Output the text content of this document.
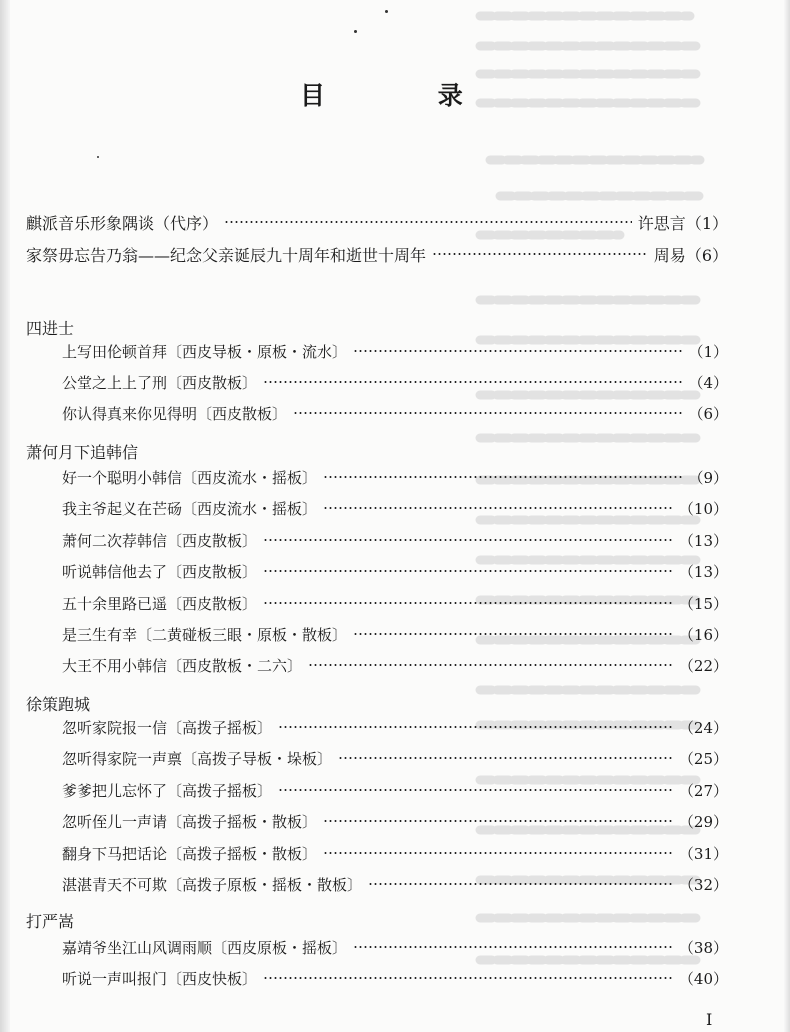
目 录
麒派音乐形象隅谈（代序）	许思言 （1）
家祭毋忘告乃翁——纪念父亲诞辰九十周年和逝世十周年	周易 （6）
四进士
上写田伦顿首拜〔西皮导板・原板・流水〕	（1）
公堂之上上了刑〔西皮散板〕	（4）
你认得真来你见得明〔西皮散板〕	（6）
萧何月下追韩信
好一个聪明小韩信〔西皮流水・摇板〕	（9）
我主爷起义在芒砀〔西皮流水・摇板〕	（10）
萧何二次荐韩信〔西皮散板〕	（13）
听说韩信他去了〔西皮散板〕	（13）
五十余里路已遥〔西皮散板〕	（15）
是三生有幸〔二黄碰板三眼・原板・散板〕	（16）
大王不用小韩信〔西皮散板・二六〕	（22）
徐策跑城
忽听家院报一信〔高拨子摇板〕	（24）
忽听得家院一声禀〔高拨子导板・垛板〕	（25）
爹爹把儿忘怀了〔高拨子摇板〕	（27）
忽听侄儿一声请〔高拨子摇板・散板〕	（29）
翻身下马把话论〔高拨子摇板・散板〕	（31）
湛湛青天不可欺〔高拨子原板・摇板・散板〕	（32）
打严嵩
嘉靖爷坐江山风调雨顺〔西皮原板・摇板〕	（38）
听说一声叫报门〔西皮快板〕	（40）
I
